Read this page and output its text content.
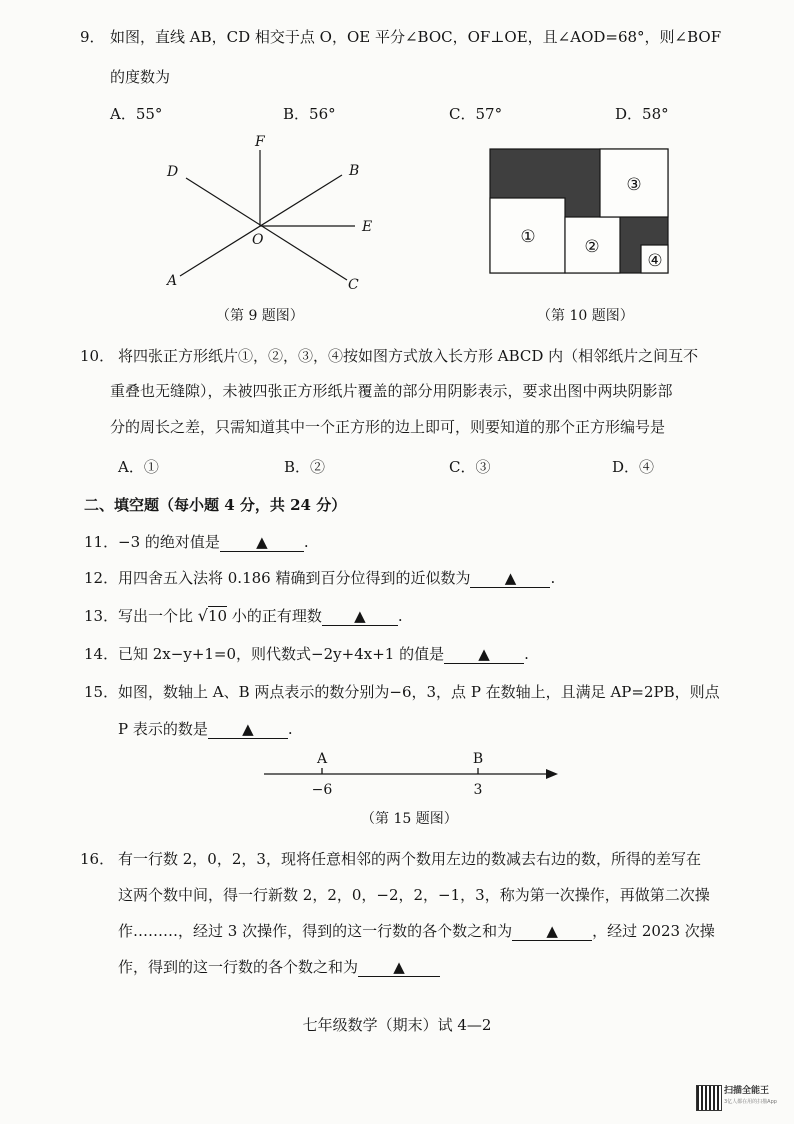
9． 如图，直线 AB，CD 相交于点 O，OE 平分∠BOC，OF⊥OE，且∠AOD=68°，则∠BOF
的度数为
A．55°	B．56°	C．57°	D．58°
F
D	B
O
E
A	C
（第 9 题图）
①	②
③
④
（第 10 题图）
10． 将四张正方形纸片①，②，③，④按如图方式放入长方形 ABCD 内（相邻纸片之间互不
重叠也无缝隙），未被四张正方形纸片覆盖的部分用阴影表示，要求出图中两块阴影部
分的周长之差，只需知道其中一个正方形的边上即可，则要知道的那个正方形编号是
A．①	B．②	C．③	D．④
二、填空题（每小题 4 分，共 24 分）
11． −3 的绝对值是 ▲ .
12． 用四舍五入法将 0.186 精确到百分位得到的近似数为 ▲ .
13． 写出一个比 √10 小的正有理数 ▲ .
14． 已知 2x−y+1=0，则代数式−2y+4x+1 的值是 ▲ .
15． 如图，数轴上 A、B 两点表示的数分别为−6，3，点 P 在数轴上，且满足 AP=2PB，则点
P 表示的数是 ▲ .
A	B
−6	3
（第 15 题图）
16． 有一行数 2，0，2，3，现将任意相邻的两个数用左边的数减去右边的数，所得的差写在
这两个数中间，得一行新数 2，2，0，−2，2，−1，3，称为第一次操作，再做第二次操
作………，经过 3 次操作，得到的这一行数的各个数之和为 ▲ ，经过 2023 次操
作，得到的这一行数的各个数之和为 ▲
七年级数学（期末）试 4—2
扫描全能王
3亿人都在用的扫描App
